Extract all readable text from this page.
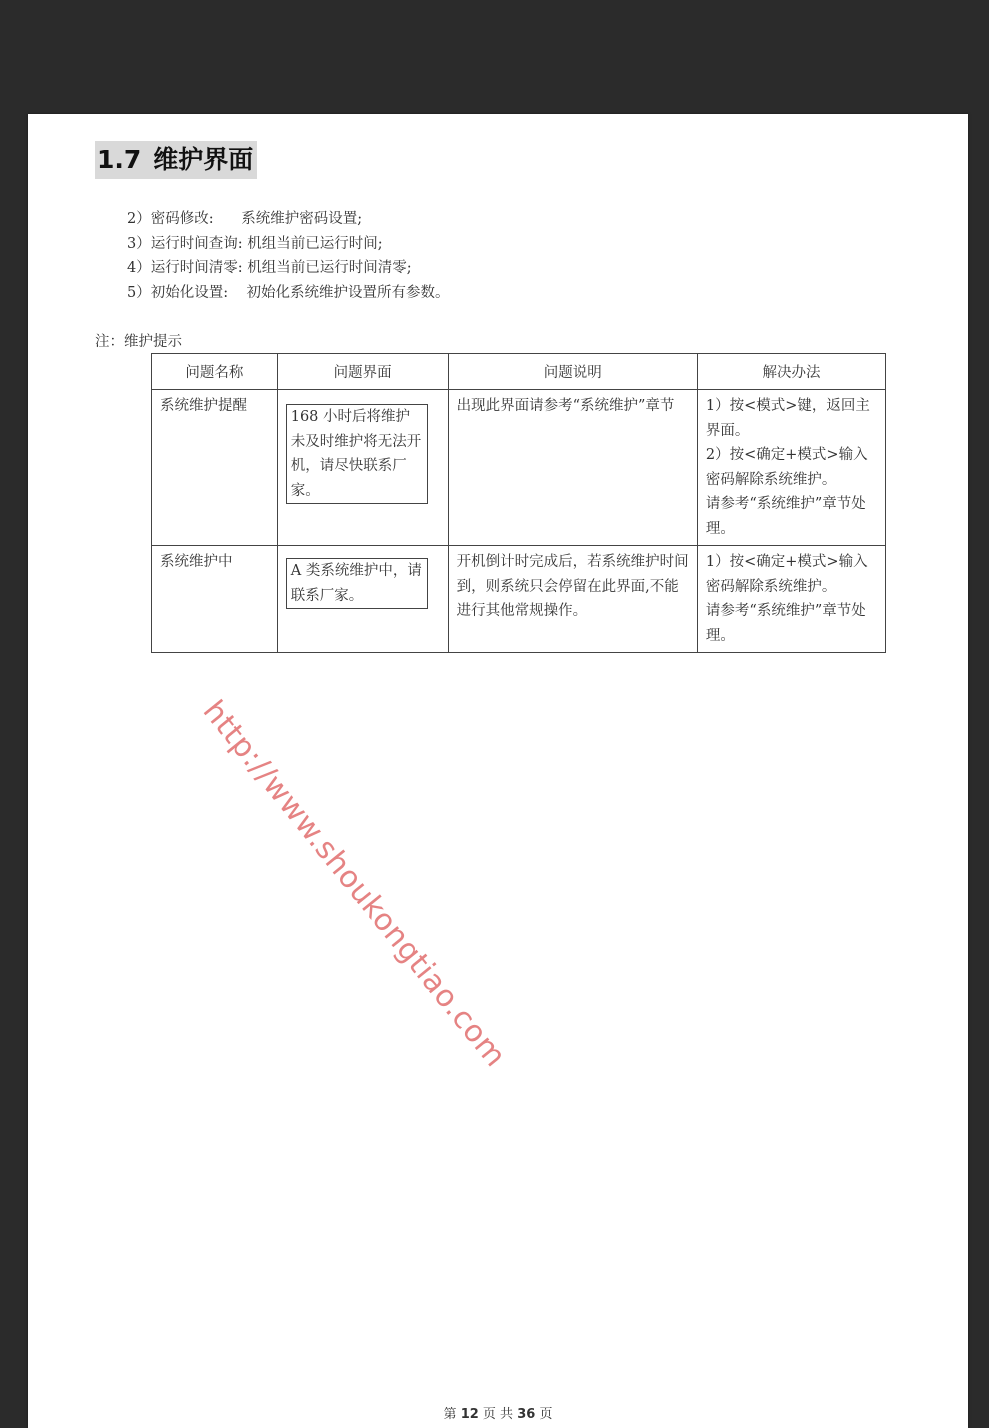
1.7 维护界面
2）密码修改:      系统维护密码设置;
3）运行时间查询: 机组当前已运行时间;
4）运行时间清零: 机组当前已运行时间清零;
5）初始化设置:    初始化系统维护设置所有参数。
注：维护提示
问题名称	问题界面	问题说明	解决办法
系统维护提醒	168 小时后将维护未及时维护将无法开机，请尽快联系厂家。	出现此界面请参考“系统维护”章节	1）按<模式>键，返回主界面。
2）按<确定+模式>输入密码解除系统维护。
请参考“系统维护”章节处理。

系统维护中	A 类系统维护中，请联系厂家。	开机倒计时完成后，若系统维护时间到，则系统只会停留在此界面,不能进行其他常规操作。	1）按<确定+模式>输入密码解除系统维护。
请参考“系统维护”章节处理。
http://www.shoukongtiao.com
第 12 页 共 36 页
